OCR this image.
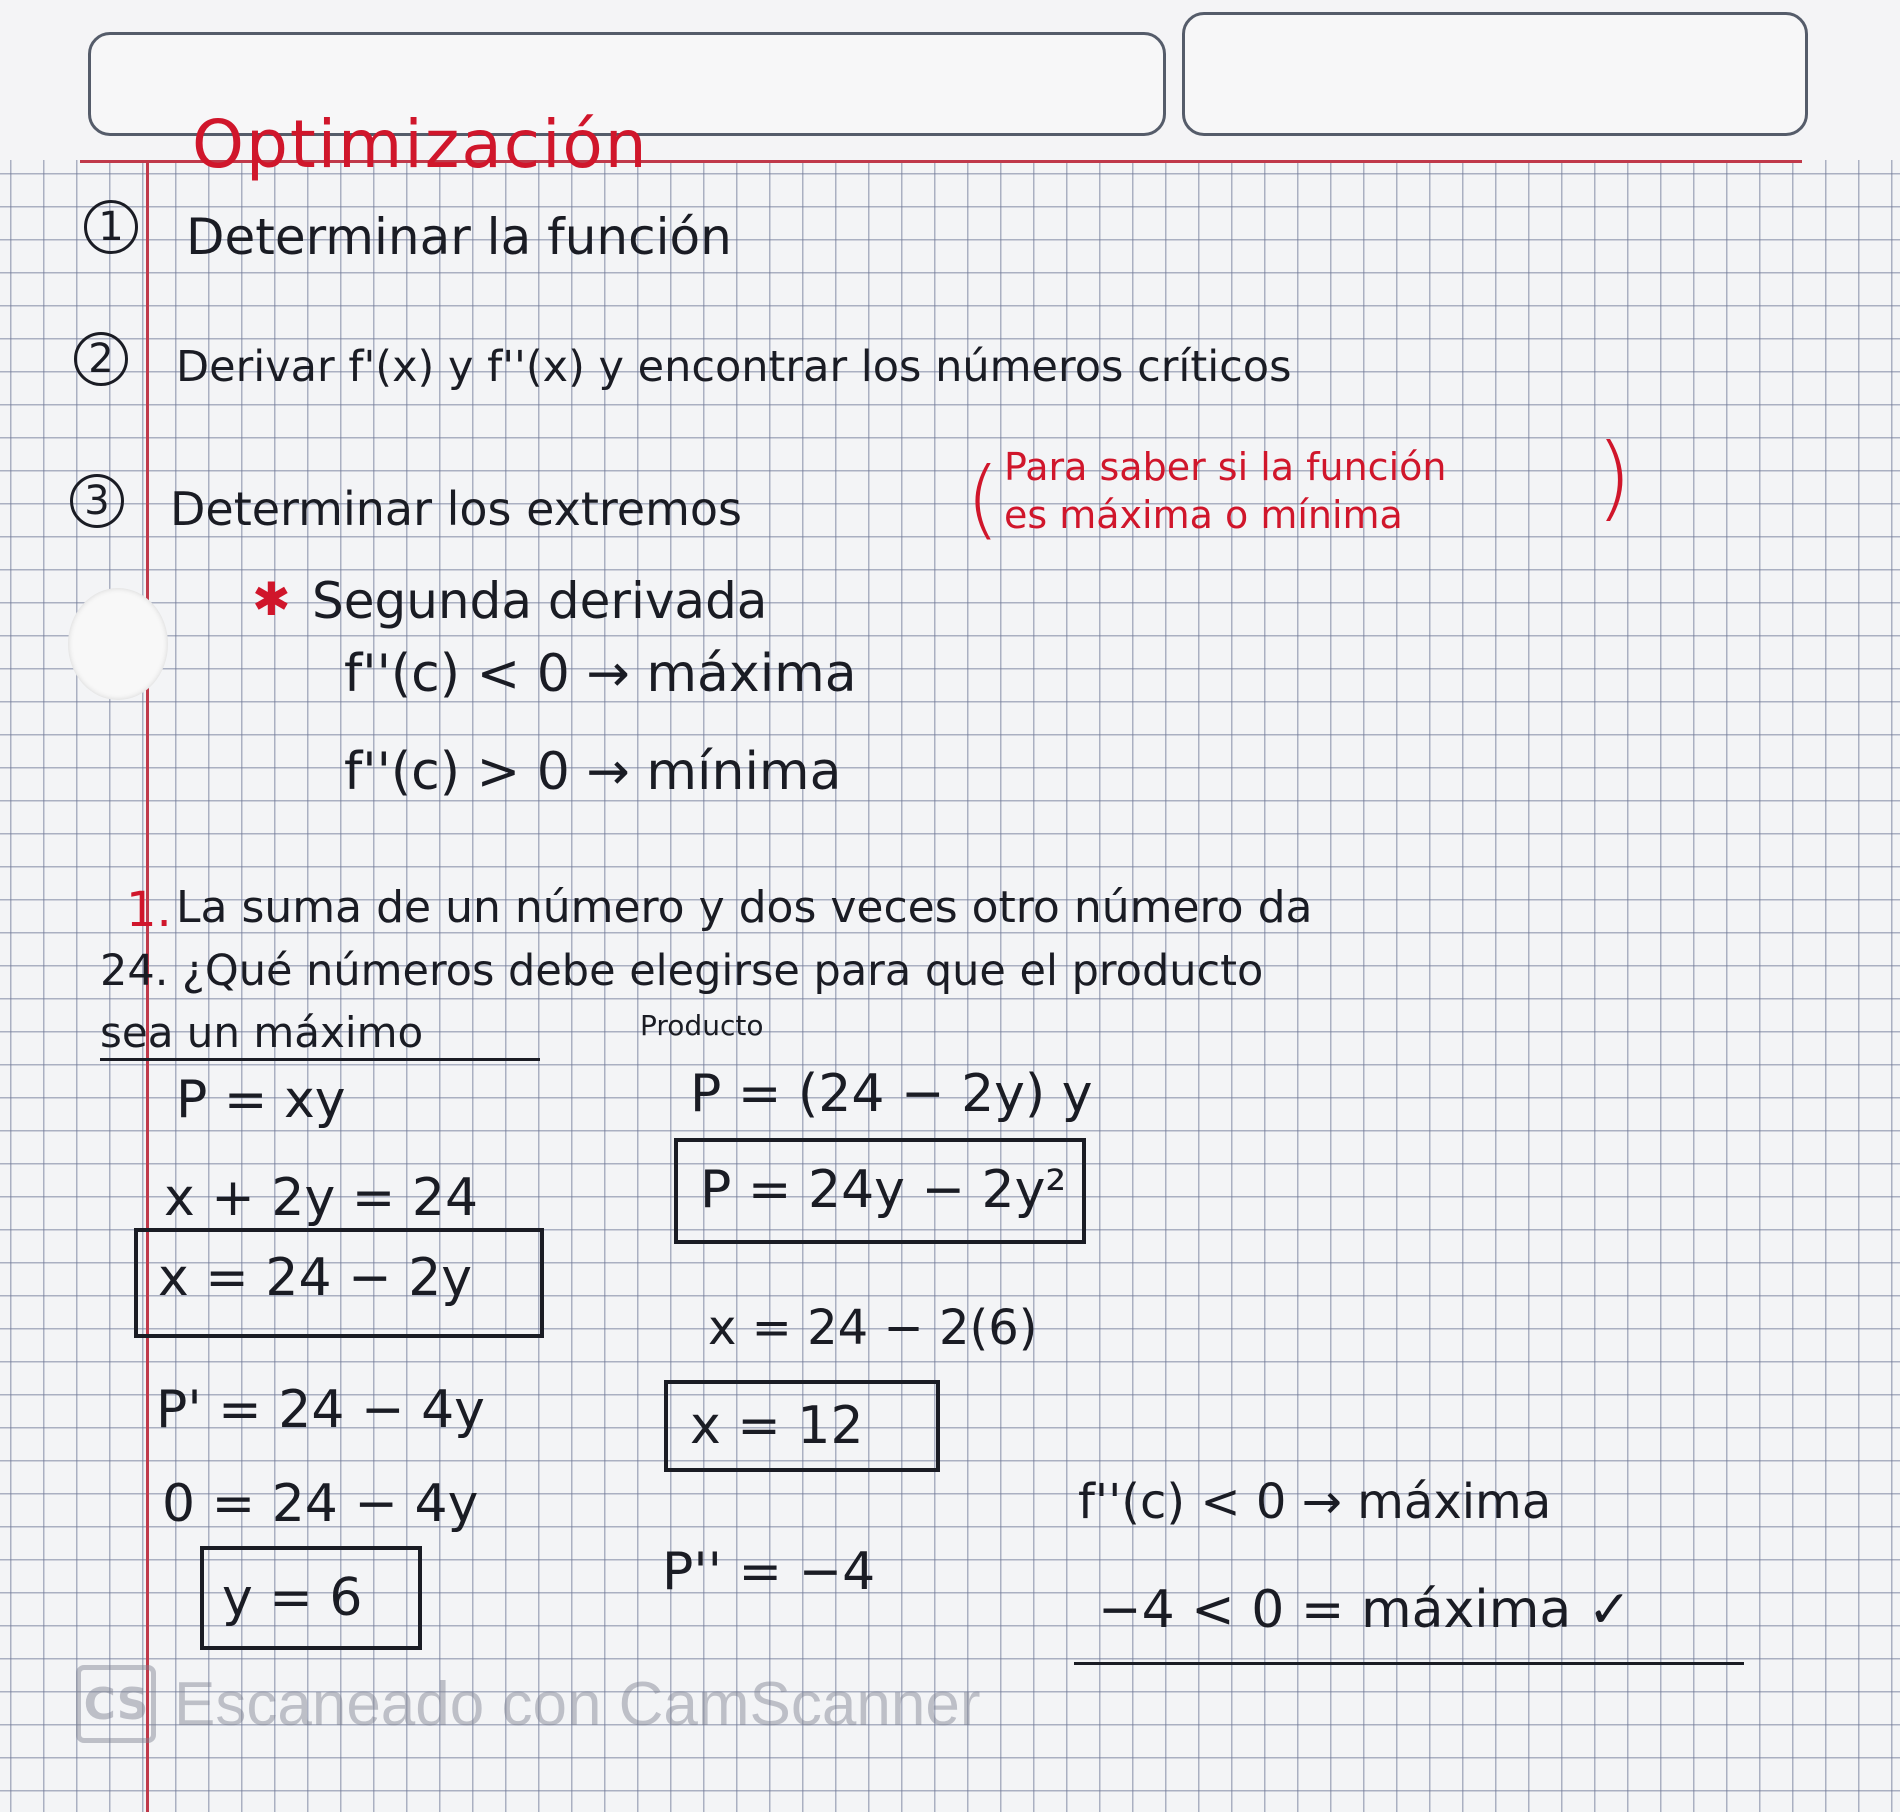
Optimización
1 Determinar la función
2	Derivar f'(x) y f''(x) y encontrar los números críticos
3	Determinar los extremos	( Para saber si la función
es máxima o mínima )
✱ Segunda derivada
f''(c) < 0 → máxima
f''(c) > 0 → mínima
1. La suma de un número y dos veces otro número da
24. ¿Qué números debe elegirse para que el producto
sea un máximo	Producto
P = xy
x + 2y = 24
x = 24 − 2y
P' = 24 − 4y
0 = 24 − 4y
y = 6
P = (24 − 2y) y
P = 24y − 2y²
x = 24 − 2(6)
x = 12
P'' = −4
f''(c) < 0 → máxima
−4 < 0 = máxima ✓
CS Escaneado con CamScanner
